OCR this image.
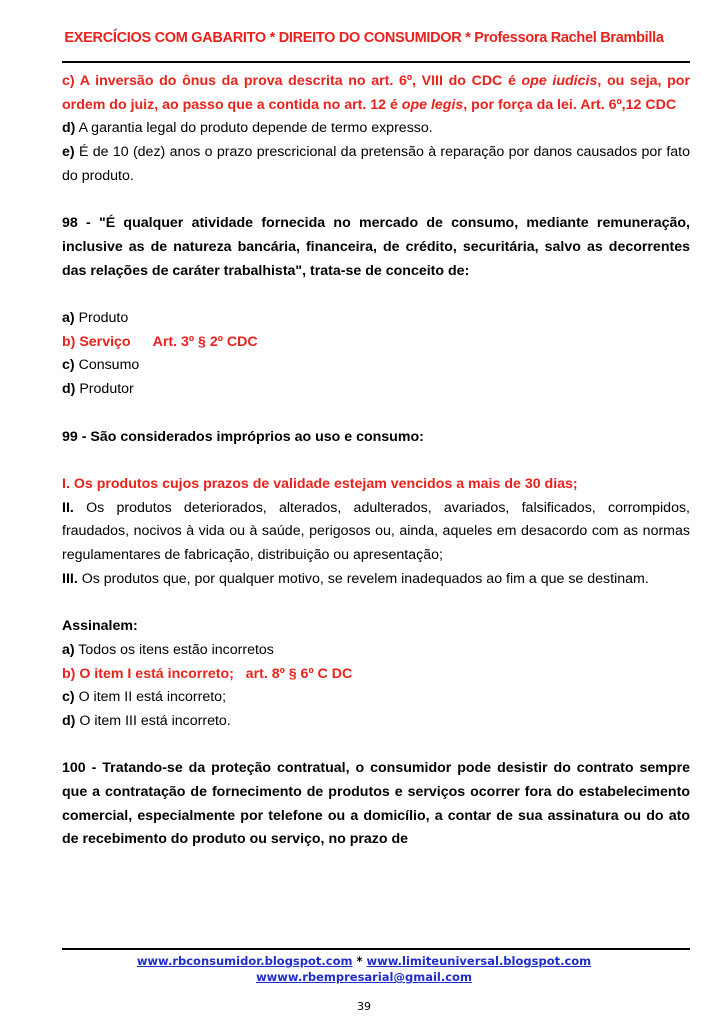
EXERCÍCIOS COM GABARITO * DIREITO DO CONSUMIDOR * Professora Rachel Brambilla

c) A inversão do ônus da prova descrita no art. 6º, VIII do CDC é ope iudicis, ou seja, por ordem do juiz, ao passo que a contida no art. 12 é ope legis, por força da lei. Art. 6º,12 CDC

d) A garantia legal do produto depende de termo expresso.

e) É de 10 (dez) anos o prazo prescricional da pretensão à reparação por danos causados por fato do produto.

98 - "É qualquer atividade fornecida no mercado de consumo, mediante remuneração, inclusive as de natureza bancária, financeira, de crédito, securitária, salvo as decorrentes das relações de caráter trabalhista", trata-se de conceito de:

a) Produto

b) Serviço Art. 3º § 2º CDC

c) Consumo

d) Produtor

99 - São considerados impróprios ao uso e consumo:

I. Os produtos cujos prazos de validade estejam vencidos a mais de 30 dias;

II. Os produtos deteriorados, alterados, adulterados, avariados, falsificados, corrompidos, fraudados, nocivos à vida ou à saúde, perigosos ou, ainda, aqueles em desacordo com as normas regulamentares de fabricação, distribuição ou apresentação;

III. Os produtos que, por qualquer motivo, se revelem inadequados ao fim a que se destinam.

Assinalem:

a) Todos os itens estão incorretos

b) O item I está incorreto;   art. 8º § 6º C DC

c) O item II está incorreto;

d) O item III está incorreto.

100 - Tratando-se da proteção contratual, o consumidor pode desistir do contrato sempre que a contratação de fornecimento de produtos e serviços ocorrer fora do estabelecimento comercial, especialmente por telefone ou a domicílio, a contar de sua assinatura ou do ato de recebimento do produto ou serviço, no prazo de

www.rbconsumidor.blogspot.com * www.limiteuniversal.blogspot.com
wwww.rbempresarial@gmail.com
39
